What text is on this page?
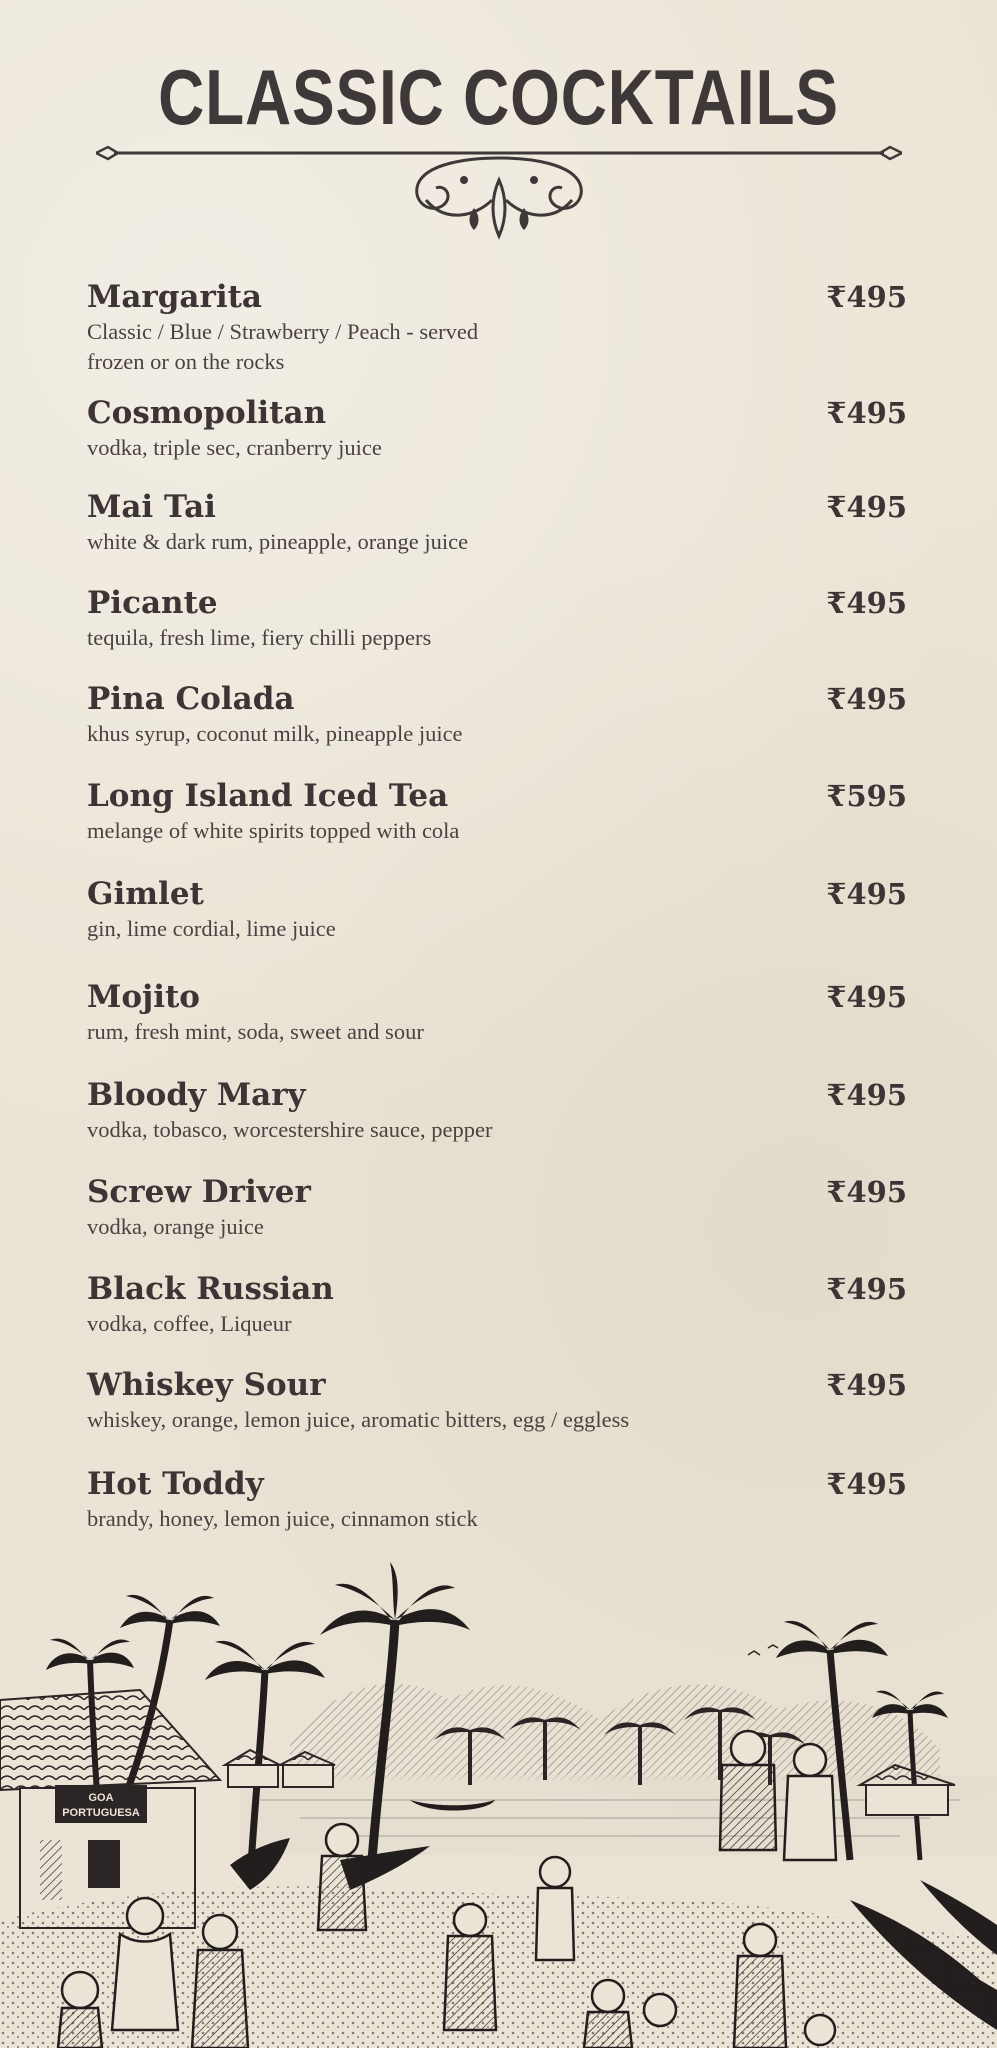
CLASSIC COCKTAILS
Margarita
Classic / Blue / Strawberry / Peach - served
frozen or on the rocks
₹495
Cosmopolitan
vodka, triple sec, cranberry juice
₹495
Mai Tai
white & dark rum, pineapple, orange juice
₹495
Picante
tequila, fresh lime, fiery chilli peppers
₹495
Pina Colada
khus syrup, coconut milk, pineapple juice
₹495
Long Island Iced Tea
melange of white spirits topped with cola
₹595
Gimlet
gin, lime cordial, lime juice
₹495
Mojito
rum, fresh mint, soda, sweet and sour
₹495
Bloody Mary
vodka, tobasco, worcestershire sauce, pepper
₹495
Screw Driver
vodka, orange juice
₹495
Black Russian
vodka, coffee, Liqueur
₹495
Whiskey Sour
whiskey, orange, lemon juice, aromatic bitters, egg / eggless
₹495
Hot Toddy
brandy, honey, lemon juice, cinnamon stick
₹495
GOA
PORTUGUESA
